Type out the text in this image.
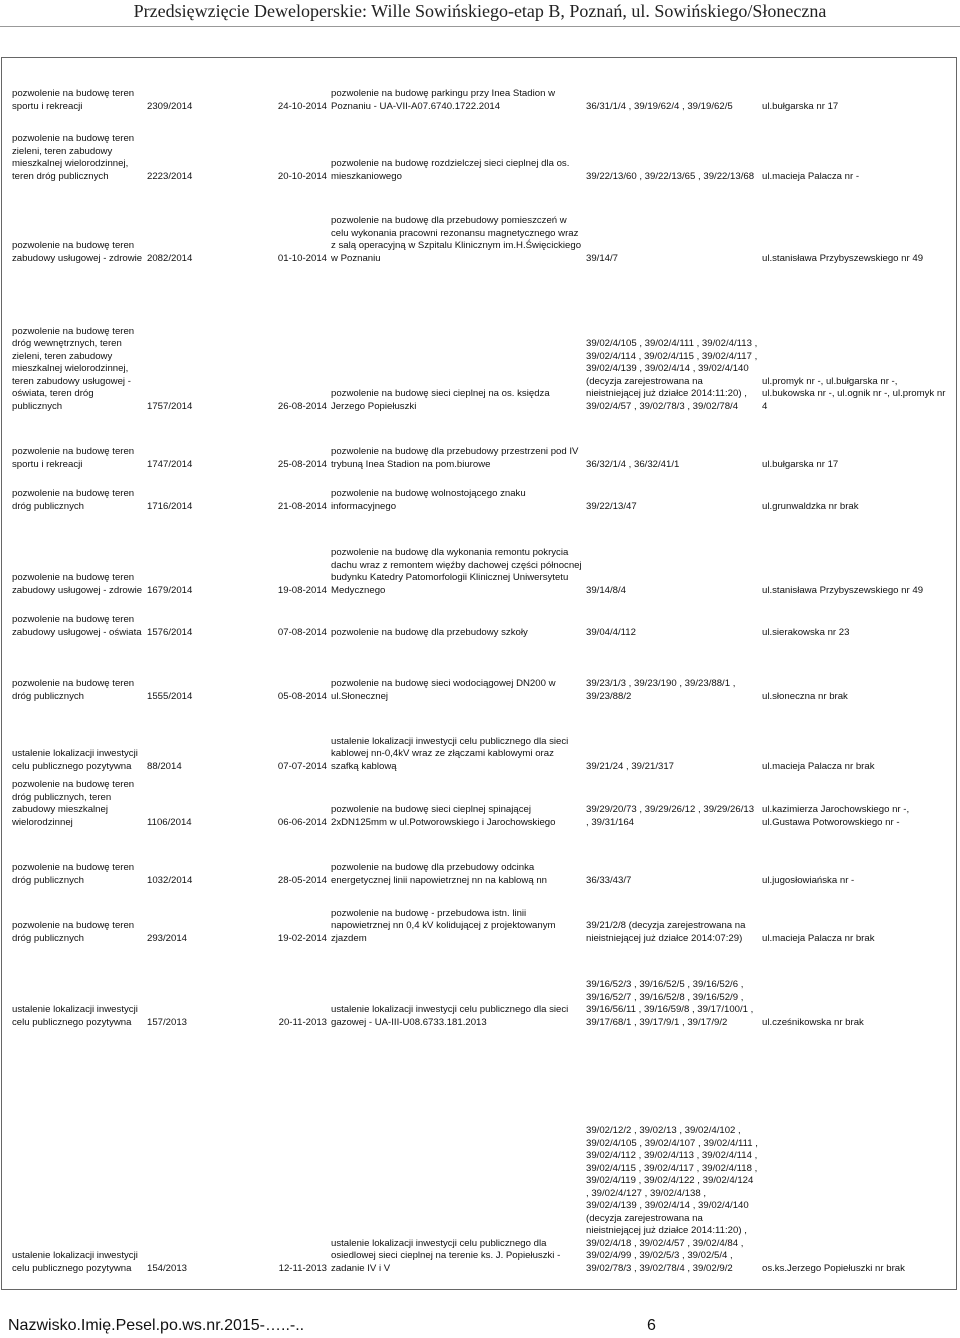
Przedsięwzięcie Deweloperskie: Wille Sowińskiego-etap B, Poznań, ul. Sowińskiego/Słoneczna
pozwolenie na budowę teren sportu i rekreacji	2309/2014	24-10-2014	pozwolenie na budowę parkingu przy Inea Stadion w Poznaniu - UA-VII-A07.6740.1722.2014	36/31/1/4 , 39/19/62/4 , 39/19/62/5	ul.bułgarska nr 17
pozwolenie na budowę teren zieleni, teren zabudowy mieszkalnej wielorodzinnej, teren dróg publicznych	2223/2014	20-10-2014	pozwolenie na budowę rozdzielczej sieci cieplnej dla os. mieszkaniowego	39/22/13/60 , 39/22/13/65 , 39/22/13/68	ul.macieja Palacza nr -
pozwolenie na budowę teren zabudowy usługowej - zdrowie	2082/2014	01-10-2014	pozwolenie na budowę dla przebudowy pomieszczeń w celu wykonania pracowni rezonansu magnetycznego wraz z salą operacyjną w Szpitalu Klinicznym im.H.Święcickiego w Poznaniu	39/14/7	ul.stanisława Przybyszewskiego nr 49
pozwolenie na budowę teren dróg wewnętrznych, teren zieleni, teren zabudowy mieszkalnej wielorodzinnej, teren zabudowy usługowej - oświata, teren dróg publicznych	1757/2014	26-08-2014	pozwolenie na budowę sieci cieplnej na os. księdza Jerzego Popiełuszki	39/02/4/105 , 39/02/4/111 , 39/02/4/113 , 39/02/4/114 , 39/02/4/115 , 39/02/4/117 , 39/02/4/139 , 39/02/4/14 , 39/02/4/140 (decyzja zarejestrowana na nieistniejącej już działce 2014:11:20) , 39/02/4/57 , 39/02/78/3 , 39/02/78/4	ul.promyk nr -, ul.bułgarska nr -, ul.bukowska nr -, ul.ognik nr -, ul.promyk nr 4
pozwolenie na budowę teren sportu i rekreacji	1747/2014	25-08-2014	pozwolenie na budowę dla przebudowy przestrzeni pod IV trybuną Inea Stadion na pom.biurowe	36/32/1/4 , 36/32/41/1	ul.bułgarska nr 17
pozwolenie na budowę teren dróg publicznych	1716/2014	21-08-2014	pozwolenie na budowę wolnostojącego znaku informacyjnego	39/22/13/47	ul.grunwaldzka nr brak
pozwolenie na budowę teren zabudowy usługowej - zdrowie	1679/2014	19-08-2014	pozwolenie na budowę dla wykonania remontu pokrycia dachu wraz z remontem więźby dachowej części północnej budynku Katedry Patomorfologii Klinicznej Uniwersytetu Medycznego	39/14/8/4	ul.stanisława Przybyszewskiego nr 49
pozwolenie na budowę teren zabudowy usługowej - oświata	1576/2014	07-08-2014	pozwolenie na budowę dla przebudowy szkoły	39/04/4/112	ul.sierakowska nr 23
pozwolenie na budowę teren dróg publicznych	1555/2014	05-08-2014	pozwolenie na budowę sieci wodociągowej DN200 w ul.Słonecznej	39/23/1/3 , 39/23/190 , 39/23/88/1 , 39/23/88/2	ul.słoneczna nr brak
ustalenie lokalizacji inwestycji celu publicznego pozytywna	88/2014	07-07-2014	ustalenie lokalizacji inwestycji celu publicznego dla sieci kablowej nn-0,4kV wraz ze złączami kablowymi oraz szafką kablową	39/21/24 , 39/21/317	ul.macieja Palacza nr brak
pozwolenie na budowę teren dróg publicznych, teren zabudowy mieszkalnej wielorodzinnej	1106/2014	06-06-2014	pozwolenie na budowę sieci cieplnej spinającej 2xDN125mm w ul.Potworowskiego i Jarochowskiego	39/29/20/73 , 39/29/26/12 , 39/29/26/13 , 39/31/164	ul.kazimierza Jarochowskiego nr -, ul.Gustawa Potworowskiego nr -
pozwolenie na budowę teren dróg publicznych	1032/2014	28-05-2014	pozwolenie na budowę dla przebudowy odcinka energetycznej linii napowietrznej nn na kablową nn	36/33/43/7	ul.jugosłowiańska nr -
pozwolenie na budowę teren dróg publicznych	293/2014	19-02-2014	pozwolenie na budowę - przebudowa istn. linii napowietrznej nn 0,4 kV kolidującej z projektowanym zjazdem	39/21/2/8 (decyzja zarejestrowana na nieistniejącej już działce 2014:07:29)	ul.macieja Palacza nr brak
ustalenie lokalizacji inwestycji celu publicznego pozytywna	157/2013	20-11-2013	ustalenie lokalizacji inwestycji celu publicznego dla sieci gazowej - UA-III-U08.6733.181.2013	39/16/52/3 , 39/16/52/5 , 39/16/52/6 , 39/16/52/7 , 39/16/52/8 , 39/16/52/9 , 39/16/56/11 , 39/16/59/8 , 39/17/100/1 , 39/17/68/1 , 39/17/9/1 , 39/17/9/2	ul.cześnikowska nr brak
ustalenie lokalizacji inwestycji celu publicznego pozytywna	154/2013	12-11-2013	ustalenie lokalizacji inwestycji celu publicznego dla osiedlowej sieci cieplnej na terenie ks. J. Popiełuszki - zadanie IV i V	39/02/12/2 , 39/02/13 , 39/02/4/102 , 39/02/4/105 , 39/02/4/107 , 39/02/4/111 , 39/02/4/112 , 39/02/4/113 , 39/02/4/114 , 39/02/4/115 , 39/02/4/117 , 39/02/4/118 , 39/02/4/119 , 39/02/4/122 , 39/02/4/124 , 39/02/4/127 , 39/02/4/138 , 39/02/4/139 , 39/02/4/14 , 39/02/4/140 (decyzja zarejestrowana na nieistniejącej już działce 2014:11:20) , 39/02/4/18 , 39/02/4/57 , 39/02/4/84 , 39/02/4/99 , 39/02/5/3 , 39/02/5/4 , 39/02/78/3 , 39/02/78/4 , 39/02/9/2	os.ks.Jerzego Popiełuszki nr brak
Nazwisko.Imię.Pesel.po.ws.nr.2015-…..-..	6
